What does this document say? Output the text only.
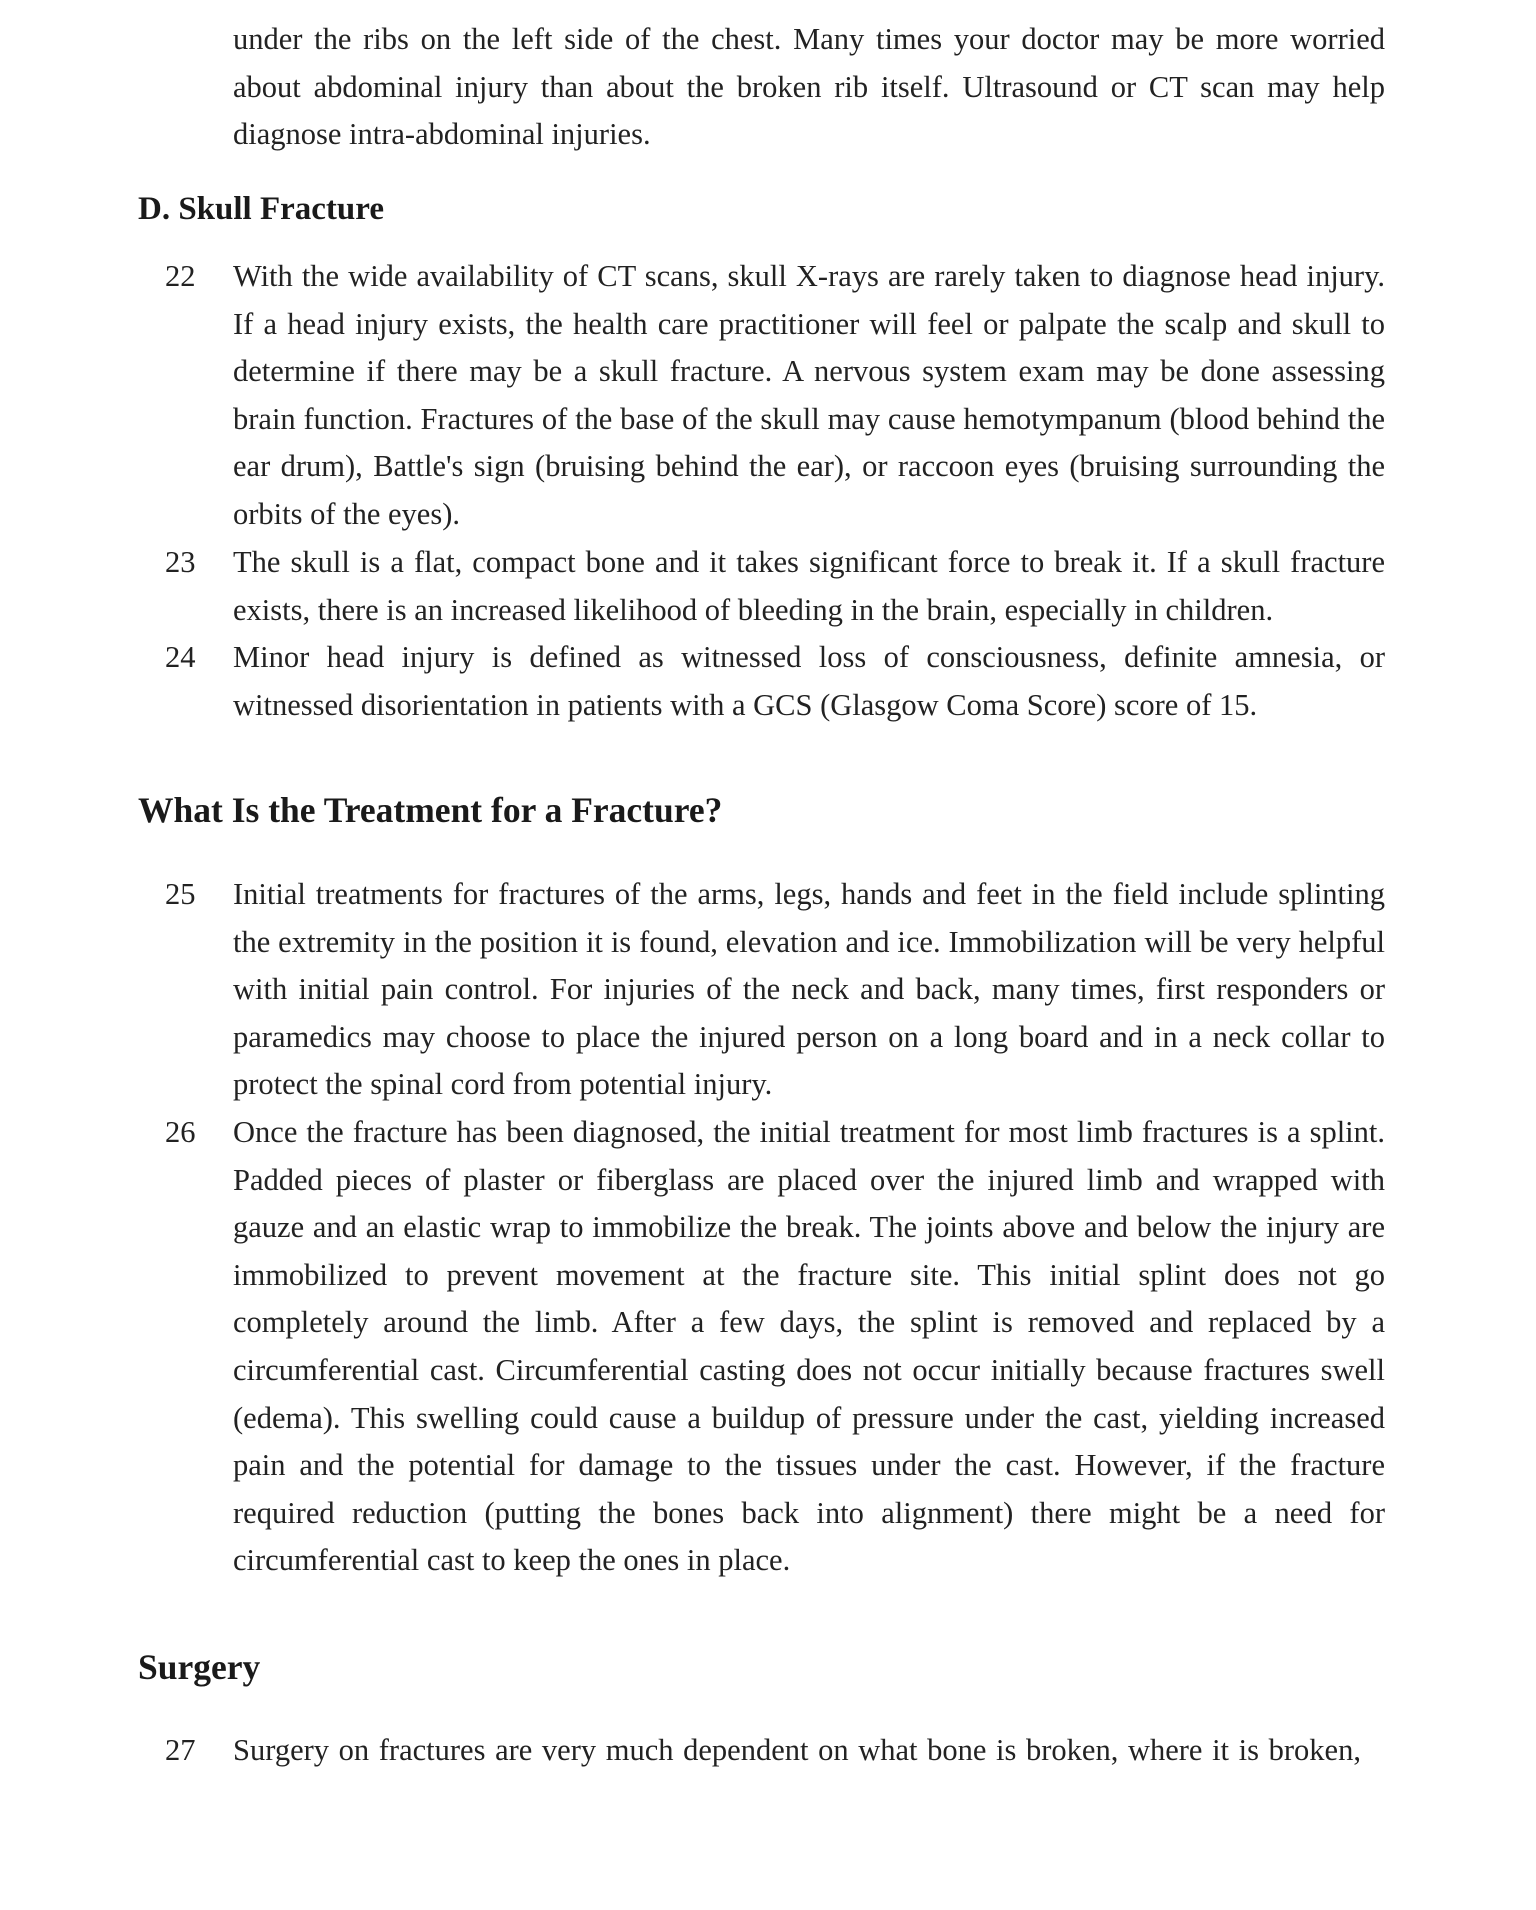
under the ribs on the left side of the chest. Many times your doctor may be more worried about abdominal injury than about the broken rib itself. Ultrasound or CT scan may help diagnose intra-abdominal injuries.
D. Skull Fracture
22 With the wide availability of CT scans, skull X-rays are rarely taken to diagnose head injury. If a head injury exists, the health care practitioner will feel or palpate the scalp and skull to determine if there may be a skull fracture. A nervous system exam may be done assessing brain function. Fractures of the base of the skull may cause hemotympanum (blood behind the ear drum), Battle's sign (bruising behind the ear), or raccoon eyes (bruising surrounding the orbits of the eyes).
23 The skull is a flat, compact bone and it takes significant force to break it. If a skull fracture exists, there is an increased likelihood of bleeding in the brain, especially in children.
24 Minor head injury is defined as witnessed loss of consciousness, definite amnesia, or witnessed disorientation in patients with a GCS (Glasgow Coma Score) score of 15.
What Is the Treatment for a Fracture?
25 Initial treatments for fractures of the arms, legs, hands and feet in the field include splinting the extremity in the position it is found, elevation and ice. Immobilization will be very helpful with initial pain control. For injuries of the neck and back, many times, first responders or paramedics may choose to place the injured person on a long board and in a neck collar to protect the spinal cord from potential injury.
26 Once the fracture has been diagnosed, the initial treatment for most limb fractures is a splint. Padded pieces of plaster or fiberglass are placed over the injured limb and wrapped with gauze and an elastic wrap to immobilize the break. The joints above and below the injury are immobilized to prevent movement at the fracture site. This initial splint does not go completely around the limb. After a few days, the splint is removed and replaced by a circumferential cast. Circumferential casting does not occur initially because fractures swell (edema). This swelling could cause a buildup of pressure under the cast, yielding increased pain and the potential for damage to the tissues under the cast. However, if the fracture required reduction (putting the bones back into alignment) there might be a need for circumferential cast to keep the ones in place.
Surgery
27 Surgery on fractures are very much dependent on what bone is broken, where it is broken,
